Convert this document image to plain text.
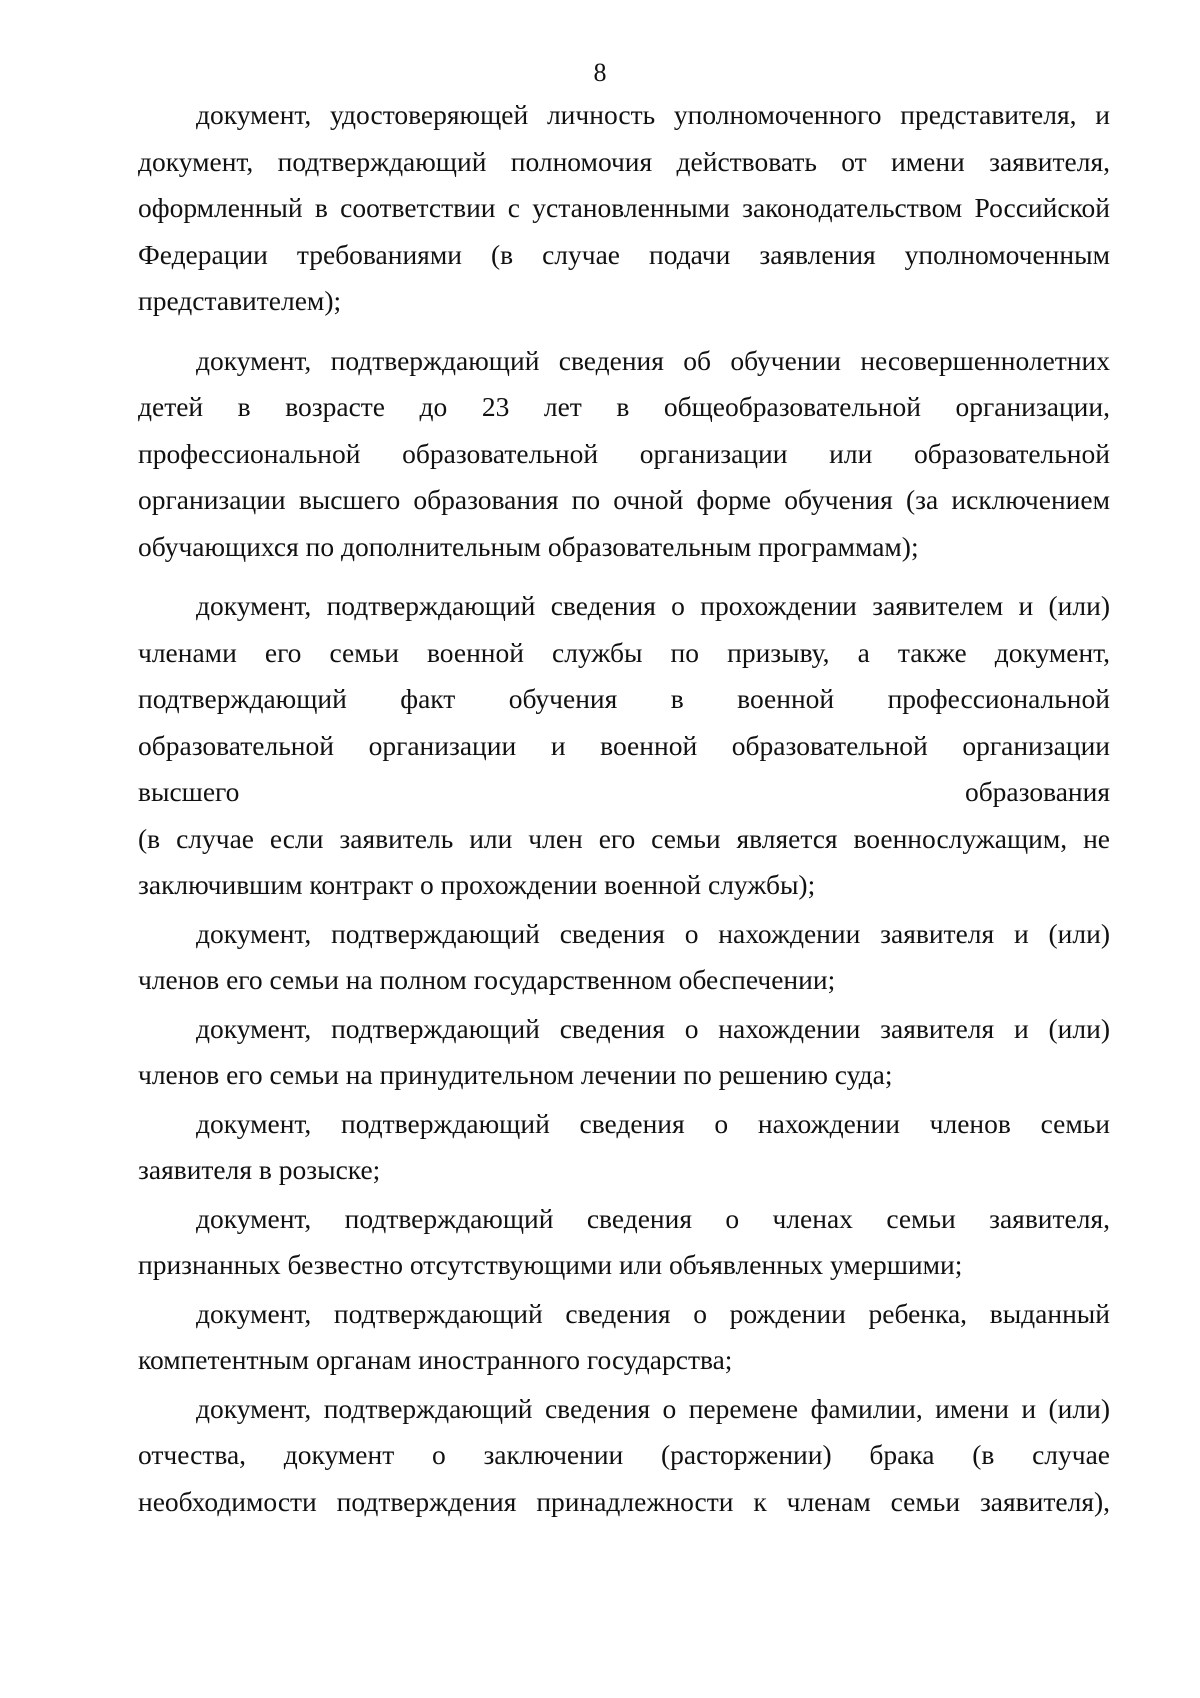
8
документ, удостоверяющей личность уполномоченного представителя, и
документ, подтверждающий полномочия действовать от имени заявителя,
оформленный в соответствии с установленными законодательством Российской
Федерации требованиями (в случае подачи заявления уполномоченным
представителем);
документ, подтверждающий сведения об обучении несовершеннолетних
детей в возрасте до 23 лет в общеобразовательной организации,
профессиональной образовательной организации или образовательной
организации высшего образования по очной форме обучения (за исключением
обучающихся по дополнительным образовательным программам);
документ, подтверждающий сведения о прохождении заявителем и (или)
членами его семьи военной службы по призыву, а также документ,
подтверждающий факт обучения в военной профессиональной
образовательной организации и военной образовательной организации
высшего образования
(в случае если заявитель или член его семьи является военнослужащим, не
заключившим контракт о прохождении военной службы);
документ, подтверждающий сведения о нахождении заявителя и (или)
членов его семьи на полном государственном обеспечении;
документ, подтверждающий сведения о нахождении заявителя и (или)
членов его семьи на принудительном лечении по решению суда;
документ, подтверждающий сведения о нахождении членов семьи
заявителя в розыске;
документ, подтверждающий сведения о членах семьи заявителя,
признанных безвестно отсутствующими или объявленных умершими;
документ, подтверждающий сведения о рождении ребенка, выданный
компетентным органам иностранного государства;
документ, подтверждающий сведения о перемене фамилии, имени и (или)
отчества, документ о заключении (расторжении) брака (в случае
необходимости подтверждения принадлежности к членам семьи заявителя),
